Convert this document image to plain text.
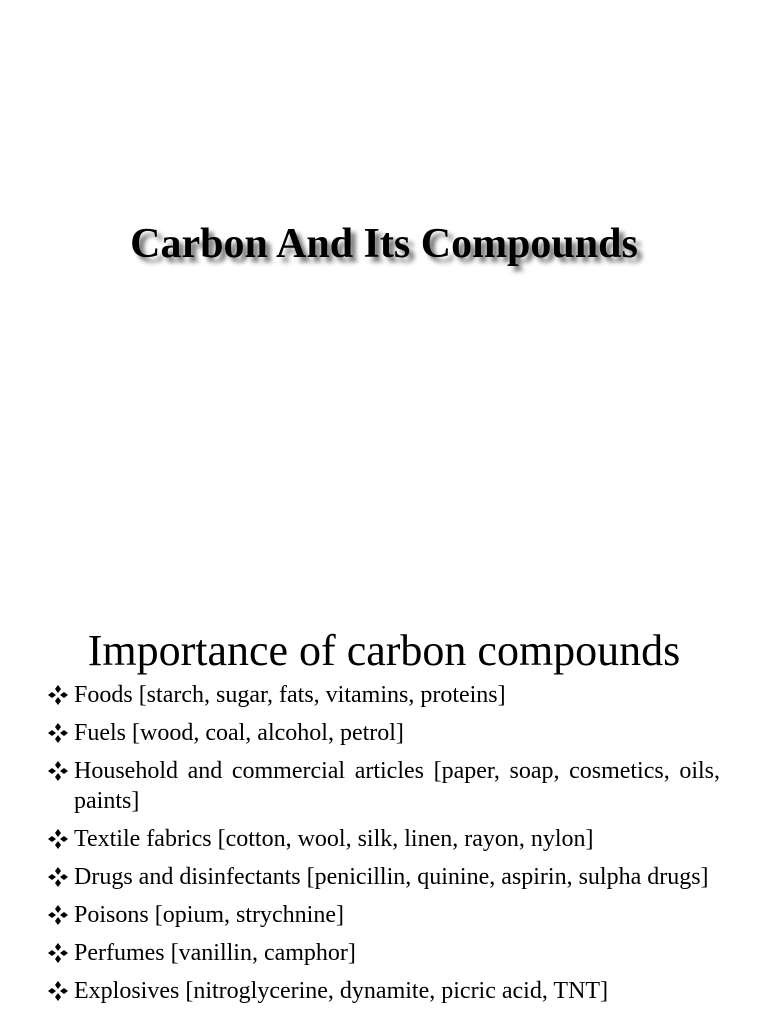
Carbon And Its Compounds
Importance of carbon compounds
Foods [starch, sugar, fats, vitamins, proteins]
Fuels [wood, coal, alcohol, petrol]
Household and commercial articles [paper, soap, cosmetics, oils, paints]
Textile fabrics [cotton, wool, silk, linen, rayon, nylon]
Drugs and disinfectants [penicillin, quinine, aspirin, sulpha drugs]
Poisons [opium, strychnine]
Perfumes [vanillin, camphor]
Explosives [nitroglycerine, dynamite, picric acid, TNT]
